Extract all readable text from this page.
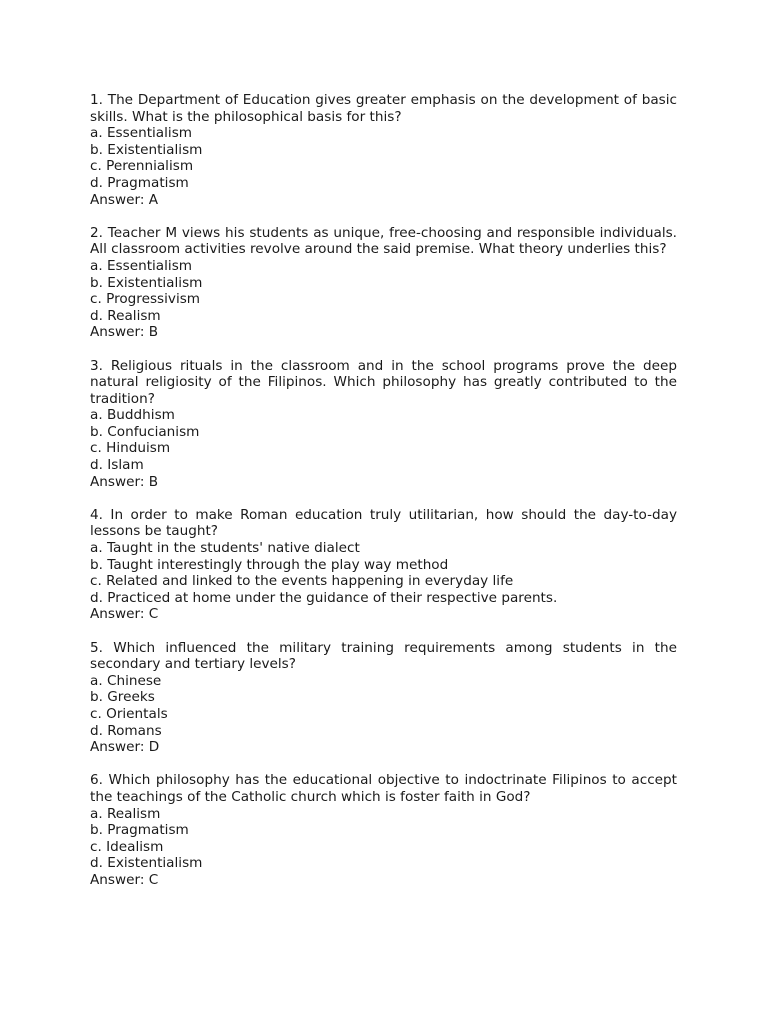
1. The Department of Education gives greater emphasis on the development of basic skills. What is the philosophical basis for this?

a. Essentialism
b. Existentialism
c. Perennialism
d. Pragmatism

Answer: A

2. Teacher M views his students as unique, free-choosing and responsible individuals. All classroom activities revolve around the said premise. What theory underlies this?

a. Essentialism
b. Existentialism
c. Progressivism
d. Realism

Answer: B

3. Religious rituals in the classroom and in the school programs prove the deep natural religiosity of the Filipinos. Which philosophy has greatly contributed to the tradition?

a. Buddhism
b. Confucianism
c. Hinduism
d. Islam

Answer: B

4. In order to make Roman education truly utilitarian, how should the day-to-day lessons be taught?

a. Taught in the students' native dialect
b. Taught interestingly through the play way method
c. Related and linked to the events happening in everyday life
d. Practiced at home under the guidance of their respective parents.

Answer: C

5. Which influenced the military training requirements among students in the secondary and tertiary levels?

a. Chinese
b. Greeks
c. Orientals
d. Romans

Answer: D

6. Which philosophy has the educational objective to indoctrinate Filipinos to accept the teachings of the Catholic church which is foster faith in God?

a. Realism
b. Pragmatism
c. Idealism
d. Existentialism

Answer: C
